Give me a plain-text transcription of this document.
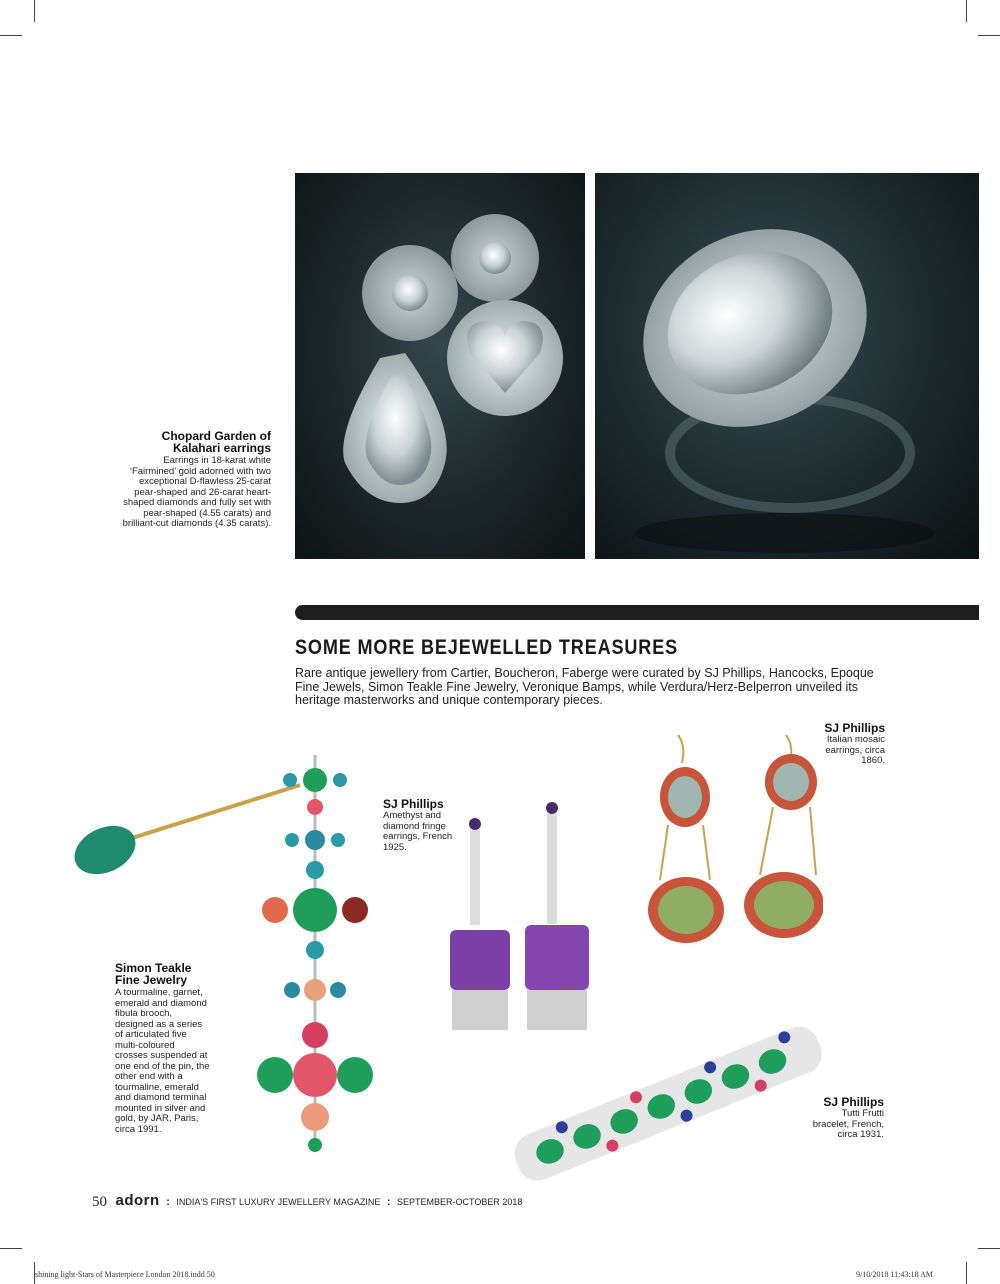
Chopard Garden of Kalahari earrings
Earrings in 18-karat white ‘Fairmined’ gold adorned with two exceptional D-flawless 25-carat pear-shaped and 26-carat heart-shaped diamonds and fully set with pear-shaped (4.55 carats) and brilliant-cut diamonds (4.35 carats).
SOME MORE BEJEWELLED TREASURES
Rare antique jewellery from Cartier, Boucheron, Faberge were curated by SJ Phillips, Hancocks, Epoque Fine Jewels, Simon Teakle Fine Jewelry, Veronique Bamps, while Verdura/Herz-Belperron unveiled its heritage masterworks and unique contemporary pieces.
SJ Phillips
Italian mosaic earrings, circa 1860.
SJ Phillips
Amethyst and diamond fringe earrings, French 1925.
Simon Teakle Fine Jewelry
A tourmaline, garnet, emerald and diamond fibula brooch, designed as a series of articulated five multi-coloured crosses suspended at one end of the pin, the other end with a tourmaline, emerald and diamond terminal mounted in silver and gold, by JAR, Paris, circa 1991.
SJ Phillips
Tutti Frutti bracelet, French, circa 1931.
50 adorn : INDIA'S FIRST LUXURY JEWELLERY MAGAZINE : SEPTEMBER-OCTOBER 2018
shining light-Stars of Masterpiece London 2018.indd 50	9/10/2018 11:43:18 AM
